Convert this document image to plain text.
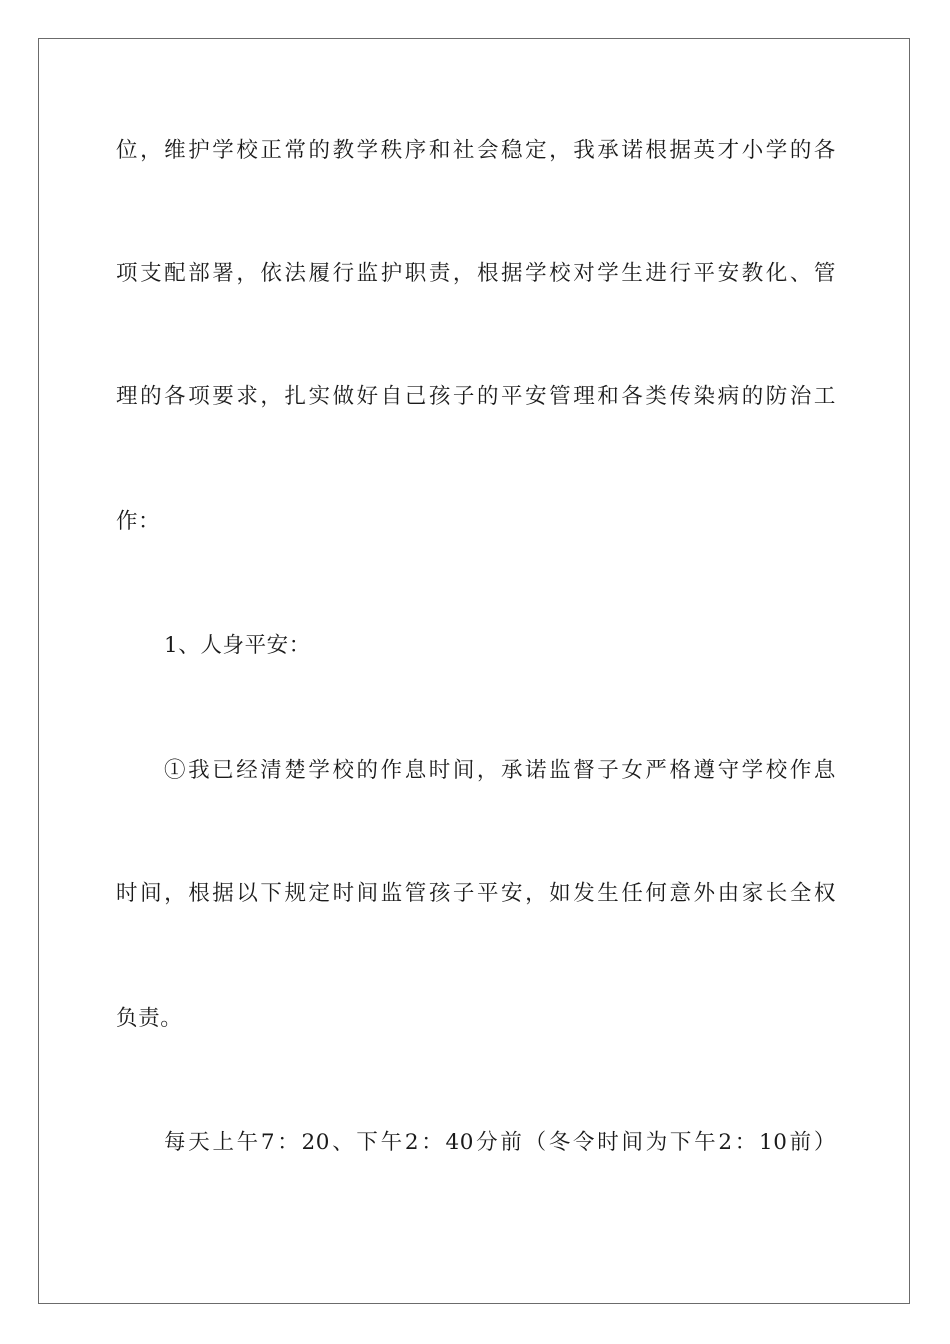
位，维护学校正常的教学秩序和社会稳定，我承诺根据英才小学的各
项支配部署，依法履行监护职责，根据学校对学生进行平安教化、管
理的各项要求，扎实做好自己孩子的平安管理和各类传染病的防治工
作：
1、人身平安：
①我已经清楚学校的作息时间，承诺监督子女严格遵守学校作息
时间，根据以下规定时间监管孩子平安，如发生任何意外由家长全权
负责。
每天上午7：20、下午2：40分前（冬令时间为下午2：10前）
